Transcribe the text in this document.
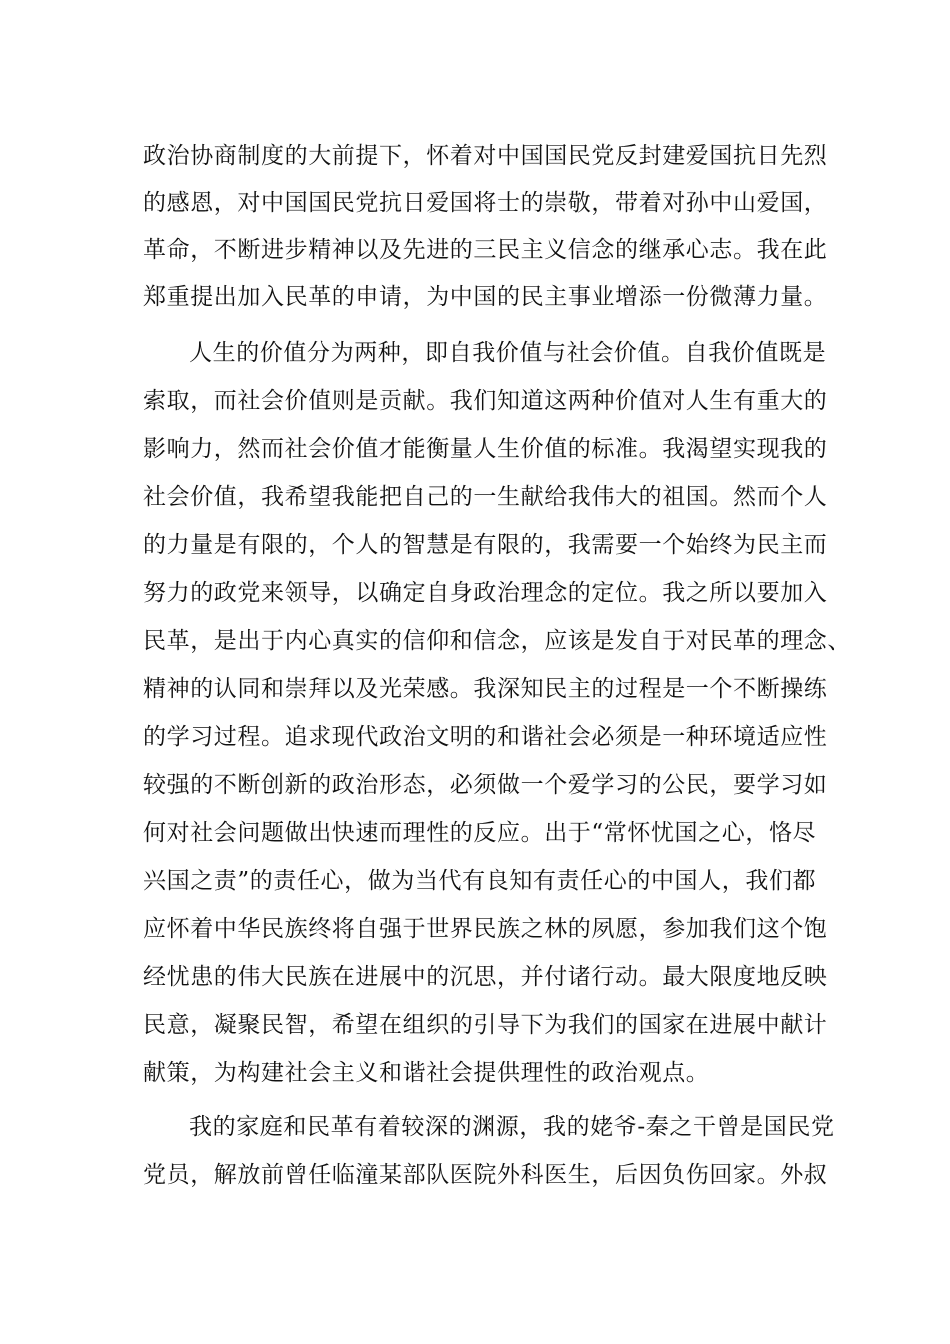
政治协商制度的大前提下，怀着对中国国民党反封建爱国抗日先烈
的感恩，对中国国民党抗日爱国将士的崇敬，带着对孙中山爱国，
革命，不断进步精神以及先进的三民主义信念的继承心志。我在此
郑重提出加入民革的申请，为中国的民主事业增添一份微薄力量。
人生的价值分为两种，即自我价值与社会价值。自我价值既是
索取，而社会价值则是贡献。我们知道这两种价值对人生有重大的
影响力，然而社会价值才能衡量人生价值的标准。我渴望实现我的
社会价值，我希望我能把自己的一生献给我伟大的祖国。然而个人
的力量是有限的，个人的智慧是有限的，我需要一个始终为民主而
努力的政党来领导，以确定自身政治理念的定位。我之所以要加入
民革，是出于内心真实的信仰和信念，应该是发自于对民革的理念、
精神的认同和崇拜以及光荣感。我深知民主的过程是一个不断操练
的学习过程。追求现代政治文明的和谐社会必须是一种环境适应性
较强的不断创新的政治形态，必须做一个爱学习的公民，要学习如
何对社会问题做出快速而理性的反应。出于“常怀忧国之心，恪尽
兴国之责”的责任心，做为当代有良知有责任心的中国人，我们都
应怀着中华民族终将自强于世界民族之林的夙愿，参加我们这个饱
经忧患的伟大民族在进展中的沉思，并付诸行动。最大限度地反映
民意，凝聚民智，希望在组织的引导下为我们的国家在进展中献计
献策，为构建社会主义和谐社会提供理性的政治观点。
我的家庭和民革有着较深的渊源，我的姥爷-秦之干曾是国民党
党员，解放前曾任临潼某部队医院外科医生，后因负伤回家。外叔
